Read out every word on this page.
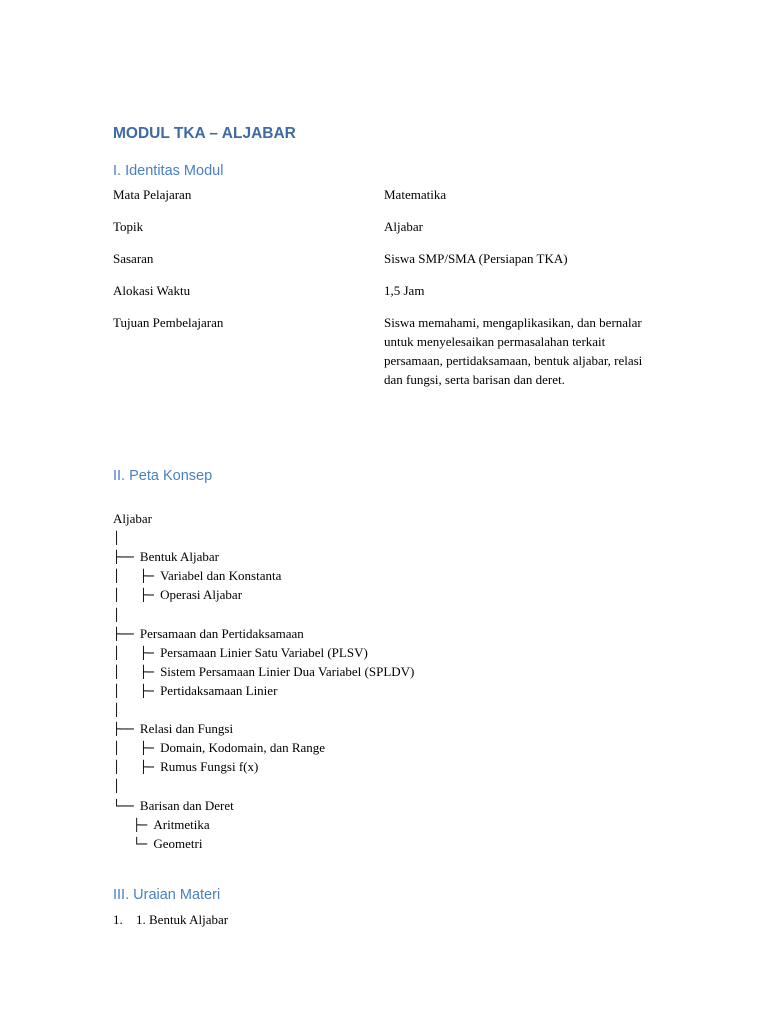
MODUL TKA – ALJABAR
I. Identitas Modul
Mata Pelajaran	Matematika
Topik	Aljabar
Sasaran	Siswa SMP/SMA (Persiapan TKA)
Alokasi Waktu	1,5 Jam
Tujuan Pembelajaran	Siswa memahami, mengaplikasikan, dan bernalar untuk menyelesaikan permasalahan terkait persamaan, pertidaksamaan, bentuk aljabar, relasi dan fungsi, serta barisan dan deret.
II. Peta Konsep
Aljabar
│
├── Bentuk Aljabar
│   ├─ Variabel dan Konstanta
│   ├─ Operasi Aljabar
│
├── Persamaan dan Pertidaksamaan
│   ├─ Persamaan Linier Satu Variabel (PLSV)
│   ├─ Sistem Persamaan Linier Dua Variabel (SPLDV)
│   ├─ Pertidaksamaan Linier
│
├── Relasi dan Fungsi
│   ├─ Domain, Kodomain, dan Range
│   ├─ Rumus Fungsi f(x)
│
└── Barisan dan Deret
├─ Aritmetika
└─ Geometri
III. Uraian Materi
1. 1. Bentuk Aljabar
